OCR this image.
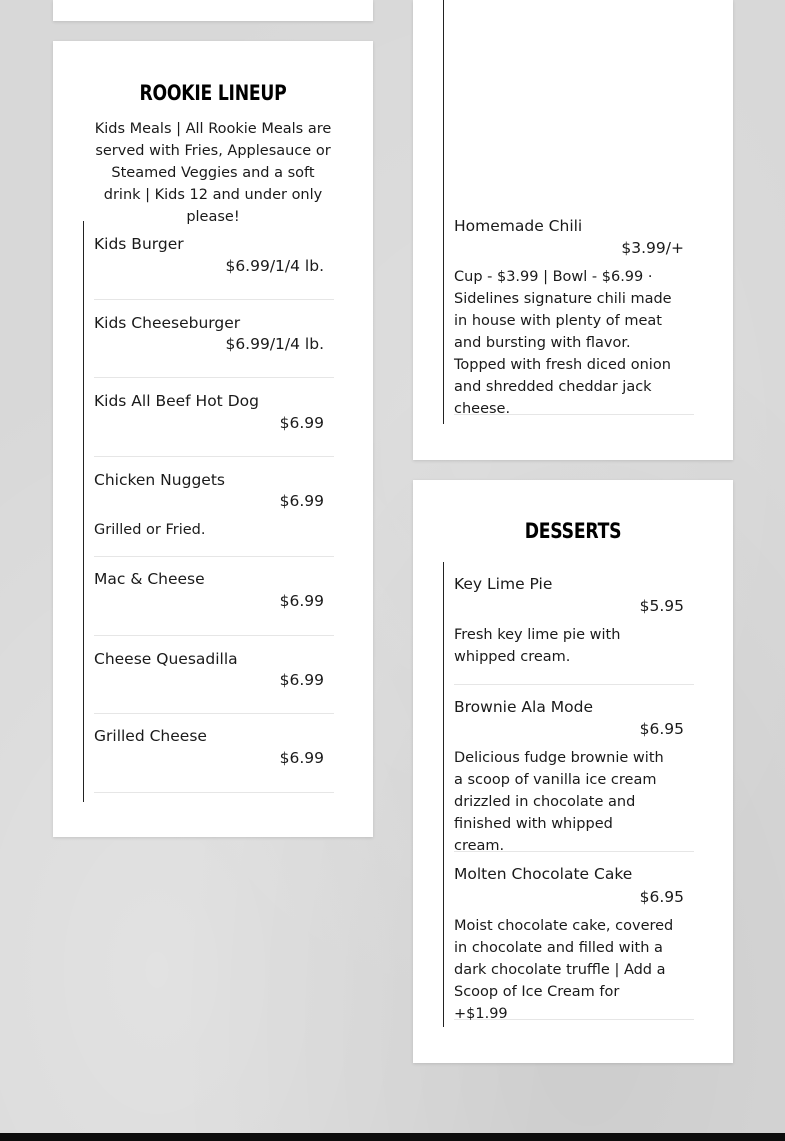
ROOKIE LINEUP
Kids Meals | All Rookie Meals are served with Fries, Applesauce or Steamed Veggies and a soft drink | Kids 12 and under only please!
Kids Burger
$6.99/1/4 lb.
Kids Cheeseburger
$6.99/1/4 lb.
Kids All Beef Hot Dog
$6.99
Chicken Nuggets
$6.99
Grilled or Fried.
Mac & Cheese
$6.99
Cheese Quesadilla
$6.99
Grilled Cheese
$6.99
Homemade Chili
$3.99/+
Cup - $3.99 | Bowl - $6.99 · Sidelines signature chili made in house with plenty of meat and bursting with flavor. Topped with fresh diced onion and shredded cheddar jack cheese.
DESSERTS
Key Lime Pie
$5.95
Fresh key lime pie with whipped cream.
Brownie Ala Mode
$6.95
Delicious fudge brownie with a scoop of vanilla ice cream drizzled in chocolate and finished with whipped cream.
Molten Chocolate Cake
$6.95
Moist chocolate cake, covered in chocolate and filled with a dark chocolate truffle | Add a Scoop of Ice Cream for +$1.99
